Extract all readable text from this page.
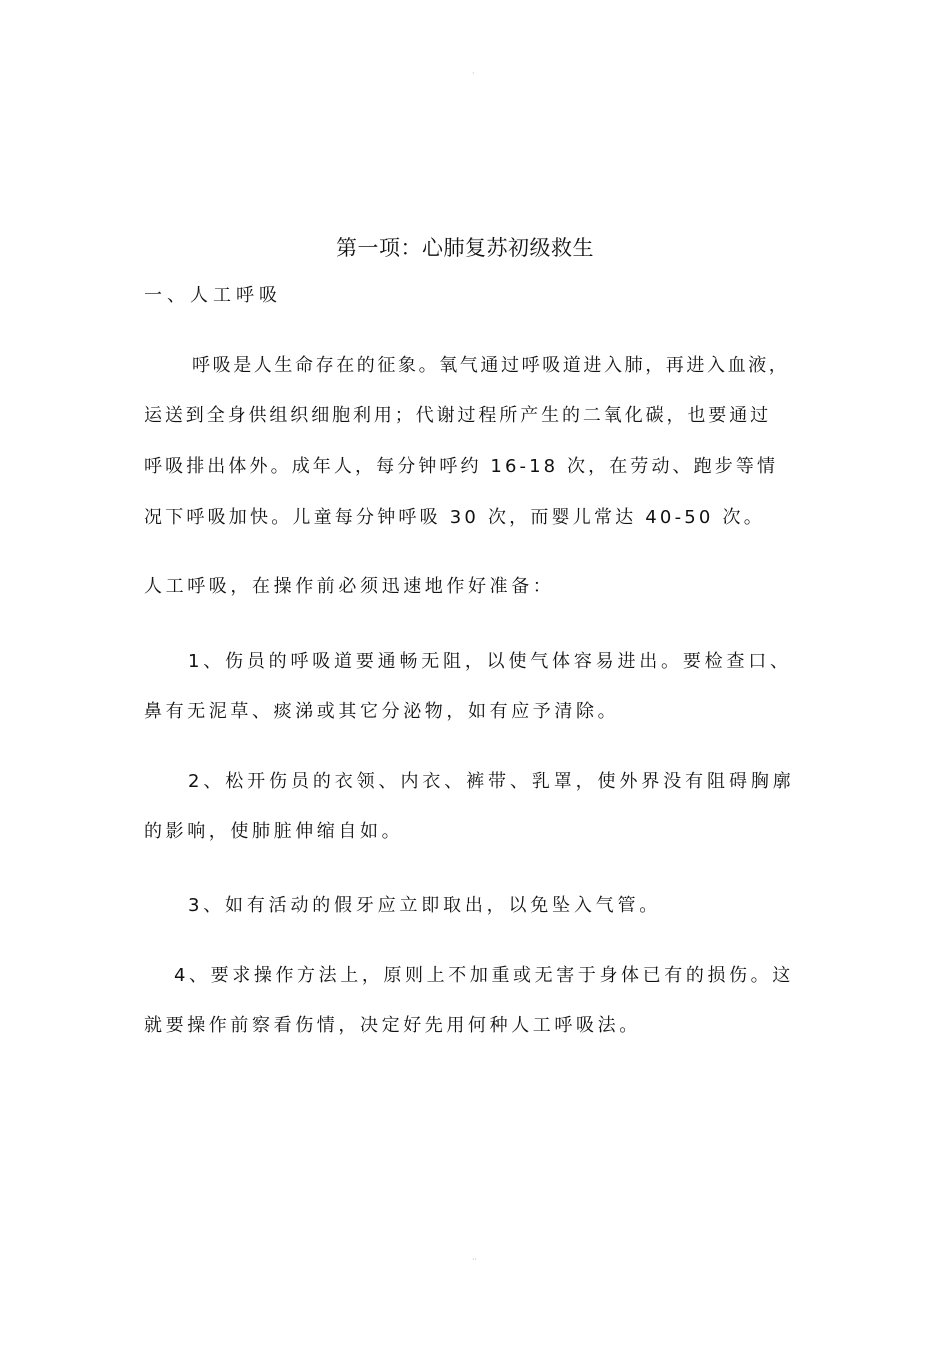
·
第一项：心肺复苏初级救生
一、人工呼吸
呼吸是人生命存在的征象。氧气通过呼吸道进入肺，再进入血液，
运送到全身供组织细胞利用；代谢过程所产生的二氧化碳，也要通过
呼吸排出体外。成年人，每分钟呼约 16-18 次，在劳动、跑步等情
况下呼吸加快。儿童每分钟呼吸 30 次，而婴儿常达 40-50 次。
人工呼吸，在操作前必须迅速地作好准备：
1、伤员的呼吸道要通畅无阻，以使气体容易进出。要检查口、
鼻有无泥草、痰涕或其它分泌物，如有应予清除。
2、松开伤员的衣领、内衣、裤带、乳罩，使外界没有阻碍胸廓
的影响，使肺脏伸缩自如。
3、如有活动的假牙应立即取出，以免坠入气管。
4、要求操作方法上，原则上不加重或无害于身体已有的损伤。这
就要操作前察看伤情，决定好先用何种人工呼吸法。
··
